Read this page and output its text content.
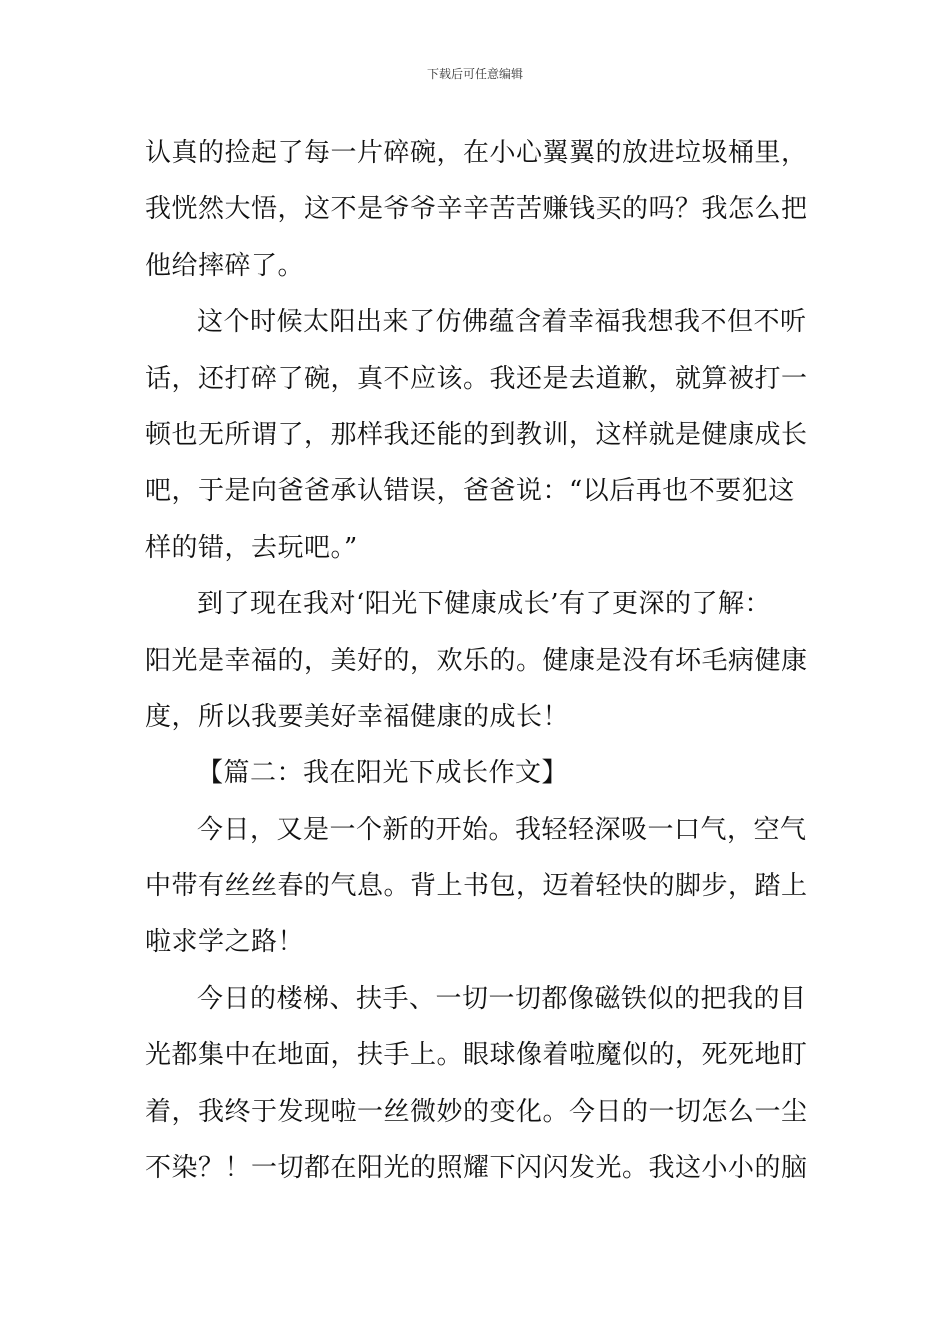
下载后可任意编辑
认真的捡起了每一片碎碗，在小心翼翼的放进垃圾桶里，
我恍然大悟，这不是爷爷辛辛苦苦赚钱买的吗？我怎么把
他给摔碎了。
这个时候太阳出来了仿佛蕴含着幸福我想我不但不听
话，还打碎了碗，真不应该。我还是去道歉，就算被打一
顿也无所谓了，那样我还能的到教训，这样就是健康成长
吧，于是向爸爸承认错误，爸爸说：“以后再也不要犯这
样的错，去玩吧。”
到了现在我对‘阳光下健康成长’有了更深的了解：
阳光是幸福的，美好的，欢乐的。健康是没有坏毛病健康
度，所以我要美好幸福健康的成长！
【篇二：我在阳光下成长作文】
今日，又是一个新的开始。我轻轻深吸一口气，空气
中带有丝丝春的气息。背上书包，迈着轻快的脚步，踏上
啦求学之路！
今日的楼梯、扶手、一切一切都像磁铁似的把我的目
光都集中在地面，扶手上。眼球像着啦魔似的，死死地盯
着，我终于发现啦一丝微妙的变化。今日的一切怎么一尘
不染？！一切都在阳光的照耀下闪闪发光。我这小小的脑
